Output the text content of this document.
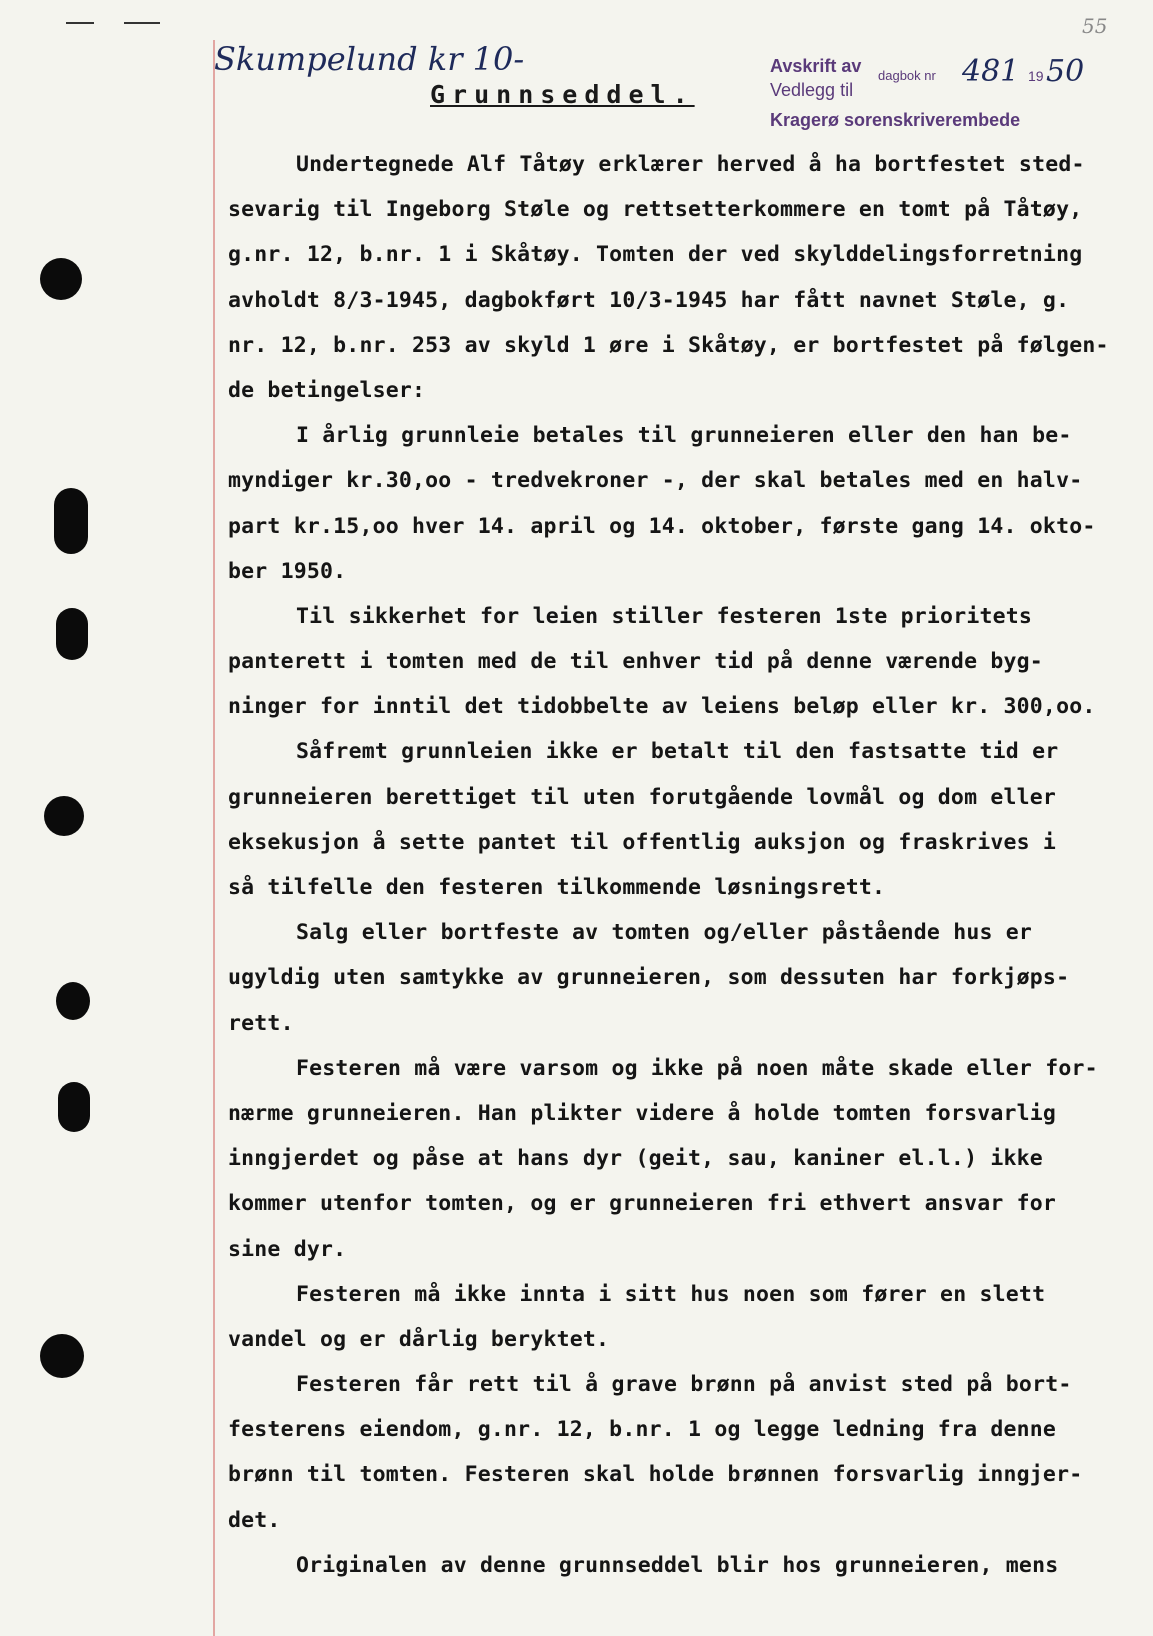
Skumpelund kr 10-	Avskrift av
Vedlegg til
dagbok nr 481 19 50
Kragerø sorenskriverembede
55
Grunnseddel.
Undertegnede Alf Tåtøy erklærer herved å ha bortfestet sted-
sevarig til Ingeborg Støle og rettsetterkommere en tomt på Tåtøy,
g.nr. 12, b.nr. 1 i Skåtøy. Tomten der ved skylddelingsforretning
avholdt 8/3-1945, dagbokført 10/3-1945 har fått navnet Støle, g.
nr. 12, b.nr. 253 av skyld 1 øre i Skåtøy, er bortfestet på følgen-
de betingelser:
I årlig grunnleie betales til grunneieren eller den han be-
myndiger kr.30,oo - tredvekroner -, der skal betales med en halv-
part kr.15,oo hver 14. april og 14. oktober, første gang 14. okto-
ber 1950.
Til sikkerhet for leien stiller festeren 1ste prioritets
panterett i tomten med de til enhver tid på denne værende byg-
ninger for inntil det tidobbelte av leiens beløp eller kr. 300,oo.
Såfremt grunnleien ikke er betalt til den fastsatte tid er
grunneieren berettiget til uten forutgående lovmål og dom eller
eksekusjon å sette pantet til offentlig auksjon og fraskrives i
så tilfelle den festeren tilkommende løsningsrett.
Salg eller bortfeste av tomten og/eller påstående hus er
ugyldig uten samtykke av grunneieren, som dessuten har forkjøps-
rett.
Festeren må være varsom og ikke på noen måte skade eller for-
nærme grunneieren. Han plikter videre å holde tomten forsvarlig
inngjerdet og påse at hans dyr (geit, sau, kaniner el.l.) ikke
kommer utenfor tomten, og er grunneieren fri ethvert ansvar for
sine dyr.
Festeren må ikke innta i sitt hus noen som fører en slett
vandel og er dårlig beryktet.
Festeren får rett til å grave brønn på anvist sted på bort-
festerens eiendom, g.nr. 12, b.nr. 1 og legge ledning fra denne
brønn til tomten. Festeren skal holde brønnen forsvarlig inngjer-
det.
Originalen av denne grunnseddel blir hos grunneieren, mens
